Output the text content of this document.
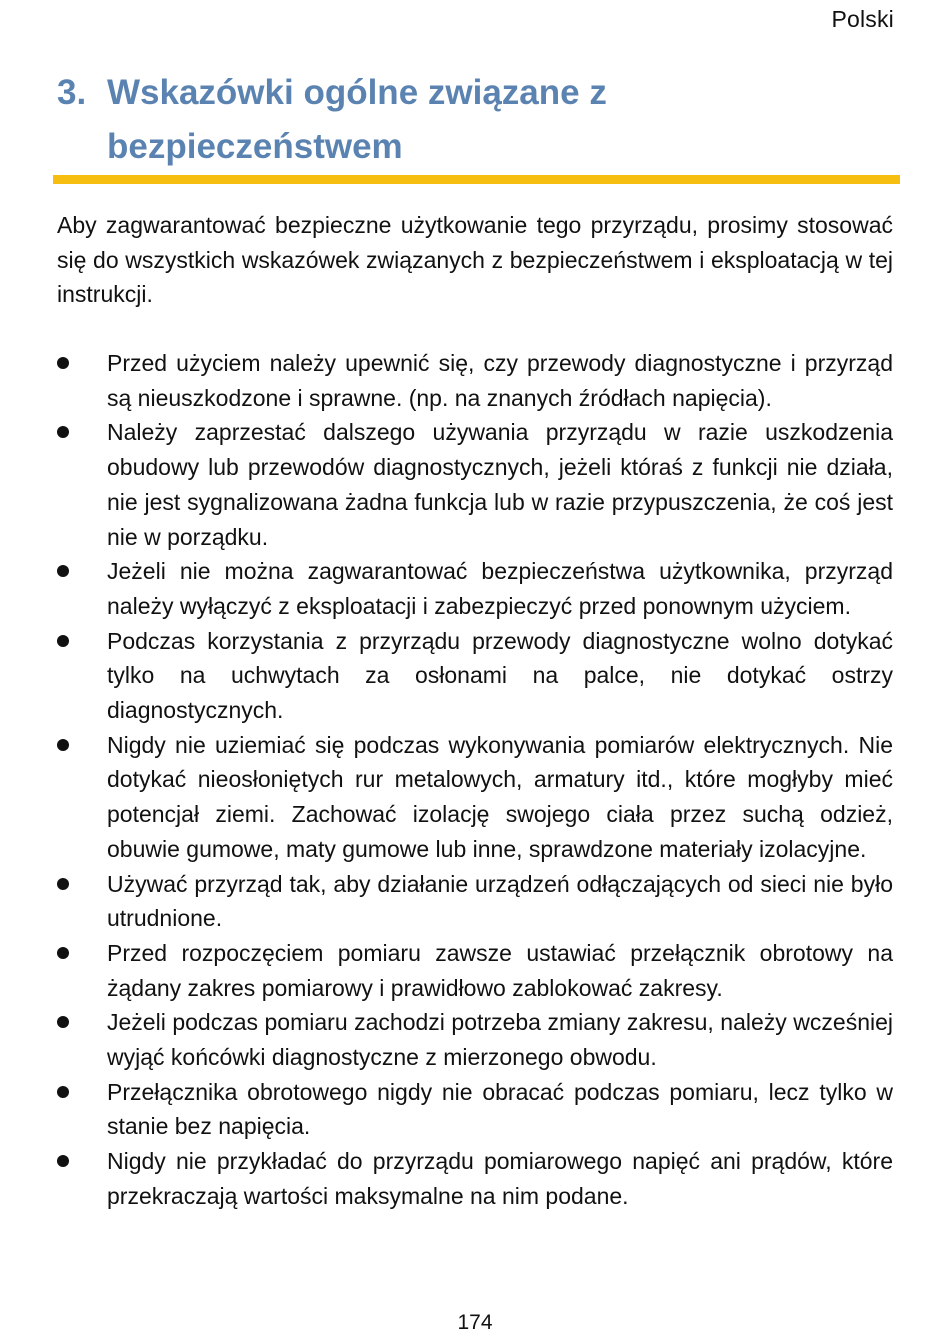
Polski
3. Wskazówki ogólne związane z bezpieczeństwem

Aby zagwarantować bezpieczne użytkowanie tego przyrządu, prosimy stosować się do wszystkich wskazówek związanych z bezpieczeństwem i eksploatacją w tej instrukcji.

Przed użyciem należy upewnić się, czy przewody diagnostyczne i przyrząd są nieuszkodzone i sprawne. (np. na znanych źródłach napięcia).
Należy zaprzestać dalszego używania przyrządu w razie uszkodzenia obudowy lub przewodów diagnostycznych, jeżeli któraś z funkcji nie działa, nie jest sygnalizowana żadna funkcja lub w razie przypuszczenia, że coś jest nie w porządku.
Jeżeli nie można zagwarantować bezpieczeństwa użytkownika, przyrząd należy wyłączyć z eksploatacji i zabezpieczyć przed ponownym użyciem.
Podczas korzystania z przyrządu przewody diagnostyczne wolno dotykać tylko na uchwytach za osłonami na palce, nie dotykać ostrzy diagnostycznych.
Nigdy nie uziemiać się podczas wykonywania pomiarów elektrycznych. Nie dotykać nieosłoniętych rur metalowych, armatury itd., które mogłyby mieć potencjał ziemi. Zachować izolację swojego ciała przez suchą odzież, obuwie gumowe, maty gumowe lub inne, sprawdzone materiały izolacyjne.
Używać przyrząd tak, aby działanie urządzeń odłączających od sieci nie było utrudnione.
Przed rozpoczęciem pomiaru zawsze ustawiać przełącznik obrotowy na żądany zakres pomiarowy i prawidłowo zablokować zakresy.
Jeżeli podczas pomiaru zachodzi potrzeba zmiany zakresu, należy wcześniej wyjąć końcówki diagnostyczne z mierzonego obwodu.
Przełącznika obrotowego nigdy nie obracać podczas pomiaru, lecz tylko w stanie bez napięcia.
Nigdy nie przykładać do przyrządu pomiarowego napięć ani prądów, które przekraczają wartości maksymalne na nim podane.
174
